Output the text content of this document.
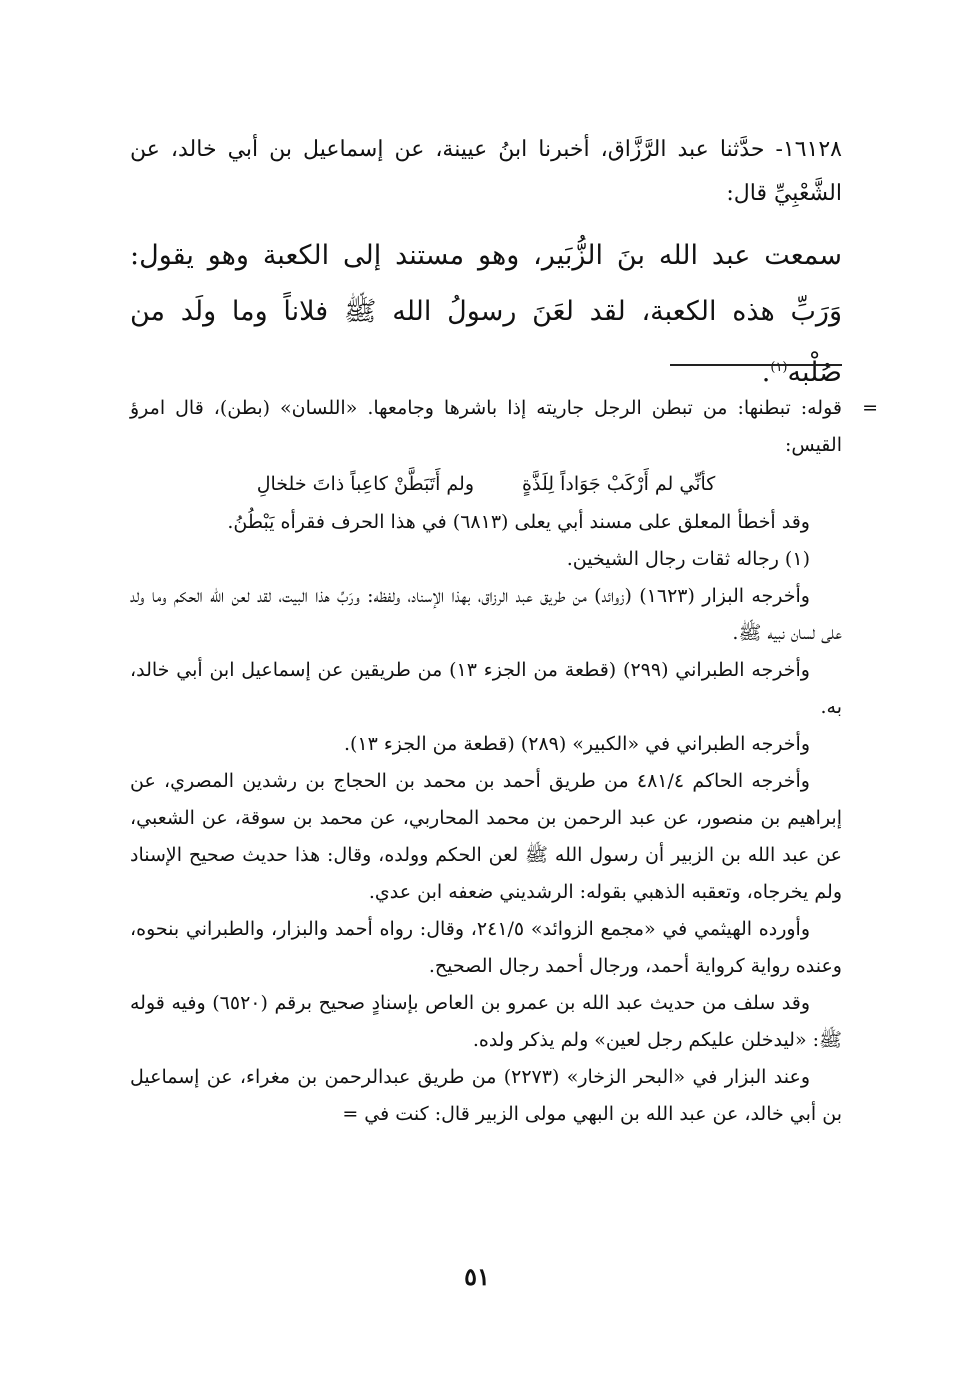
١٦١٢٨- حدَّثنا عبد الرَّزَّاق، أخبرنا ابنُ عيينة، عن إسماعيل بن أبي خالد، عن الشَّعْبِيِّ قال:

سمعت عبد الله بنَ الزُّبَير، وهو مستند إلى الكعبة وهو يقول: وَرَبِّ هذه الكعبة، لقد لعَنَ رسولُ الله ﷺ فلاناً وما ولَد من صُلْبه$^{(١)}$.

=

قوله: تبطنها: من تبطن الرجل جاريته إذا باشرها وجامعها. «اللسان» (بطن)، قال امرؤ القيس:

كأنِّي لم أَرْكَبْ جَوَاداً لِلَذَّةٍ
ولم أَتَبَطَّنْ كاعِباً ذاتَ خلخالِ

وقد أخطأ المعلق على مسند أبي يعلى (٦٨١٣) في هذا الحرف فقرأه يَبْطُنُ.

(١) رجاله ثقات رجال الشيخين.

وأخرجه البزار (١٦٢٣) (زوائد) من طريق عبد الرزاق، بهذا الإسناد، ولفظه: ورَبِّ هذا البيت، لقد لعن الله الحكم وما ولد على لسان نبيه ﷺ.

وأخرجه الطبراني (٢٩٩) (قطعة من الجزء ١٣) من طريقين عن إسماعيل ابن أبي خالد، به.

وأخرجه الطبراني في «الكبير» (٢٨٩) (قطعة من الجزء ١٣).

وأخرجه الحاكم ٤٨١/٤ من طريق أحمد بن محمد بن الحجاج بن رشدين المصري، عن إبراهيم بن منصور، عن عبد الرحمن بن محمد المحاربي، عن محمد بن سوقة، عن الشعبي، عن عبد الله بن الزبير أن رسول الله ﷺ لعن الحكم وولده، وقال: هذا حديث صحيح الإسناد ولم يخرجاه، وتعقبه الذهبي بقوله: الرشديني ضعفه ابن عدي.

وأورده الهيثمي في «مجمع الزوائد» ٢٤١/٥، وقال: رواه أحمد والبزار، والطبراني بنحوه، وعنده رواية كرواية أحمد، ورجال أحمد رجال الصحيح.

وقد سلف من حديث عبد الله بن عمرو بن العاص بإسنادٍ صحيح برقم (٦٥٢٠) وفيه قوله ﷺ: «ليدخلن عليكم رجل لعين» ولم يذكر ولده.

وعند البزار في «البحر الزخار» (٢٢٧٣) من طريق عبدالرحمن بن مغراء، عن إسماعيل بن أبي خالد، عن عبد الله بن البهي مولى الزبير قال: كنت في =

٥١
